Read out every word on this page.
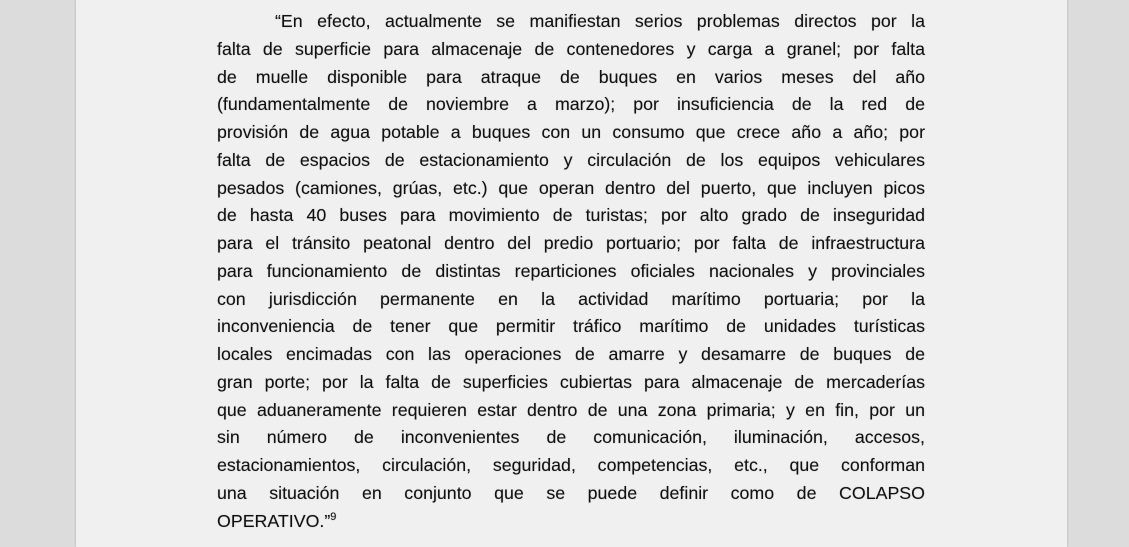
“En efecto, actualmente se manifiestan serios problemas directos por la
falta de superficie para almacenaje de contenedores y carga a granel; por falta
de muelle disponible para atraque de buques en varios meses del año
(fundamentalmente de noviembre a marzo); por insuficiencia de la red de
provisión de agua potable a buques con un consumo que crece año a año; por
falta de espacios de estacionamiento y circulación de los equipos vehiculares
pesados (camiones, grúas, etc.) que operan dentro del puerto, que incluyen picos
de hasta 40 buses para movimiento de turistas; por alto grado de inseguridad
para el tránsito peatonal dentro del predio portuario; por falta de infraestructura
para funcionamiento de distintas reparticiones oficiales nacionales y provinciales
con jurisdicción permanente en la actividad marítimo portuaria; por la
inconveniencia de tener que permitir tráfico marítimo de unidades turísticas
locales encimadas con las operaciones de amarre y desamarre de buques de
gran porte; por la falta de superficies cubiertas para almacenaje de mercaderías
que aduaneramente requieren estar dentro de una zona primaria; y en fin, por un
sin número de inconvenientes de comunicación, iluminación, accesos,
estacionamientos, circulación, seguridad, competencias, etc., que conforman
una situación en conjunto que se puede definir como de COLAPSO
OPERATIVO.”$^9$
